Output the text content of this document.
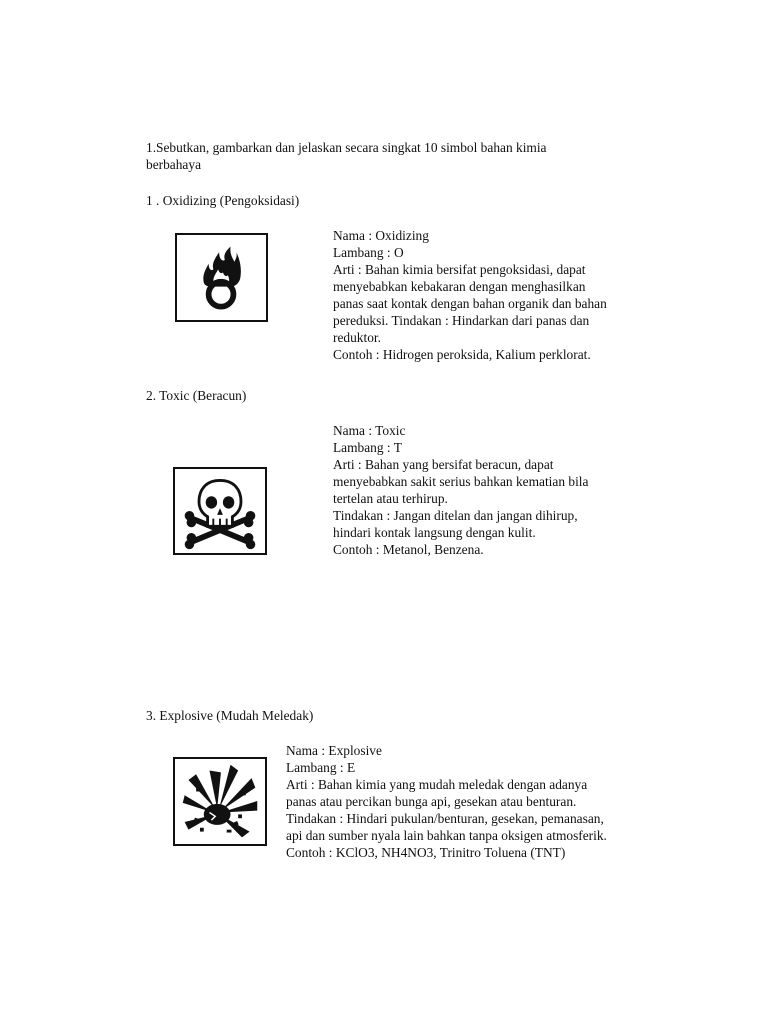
1.Sebutkan, gambarkan dan jelaskan secara singkat 10 simbol bahan kimia
berbahaya
1 . Oxidizing (Pengoksidasi)
Nama : Oxidizing
Lambang : O
Arti : Bahan kimia bersifat pengoksidasi, dapat
menyebabkan kebakaran dengan menghasilkan
panas saat kontak dengan bahan organik dan bahan
pereduksi. Tindakan : Hindarkan dari panas dan
reduktor.
Contoh : Hidrogen peroksida, Kalium perklorat.
2. Toxic (Beracun)
Nama : Toxic
Lambang : T
Arti : Bahan yang bersifat beracun, dapat
menyebabkan sakit serius bahkan kematian bila
tertelan atau terhirup.
Tindakan : Jangan ditelan dan jangan dihirup,
hindari kontak langsung dengan kulit.
Contoh : Metanol, Benzena.
3. Explosive (Mudah Meledak)
Nama : Explosive
Lambang : E
Arti : Bahan kimia yang mudah meledak dengan adanya
panas atau percikan bunga api, gesekan atau benturan.
Tindakan : Hindari pukulan/benturan, gesekan, pemanasan,
api dan sumber nyala lain bahkan tanpa oksigen atmosferik.
Contoh : KClO3, NH4NO3, Trinitro Toluena (TNT)
